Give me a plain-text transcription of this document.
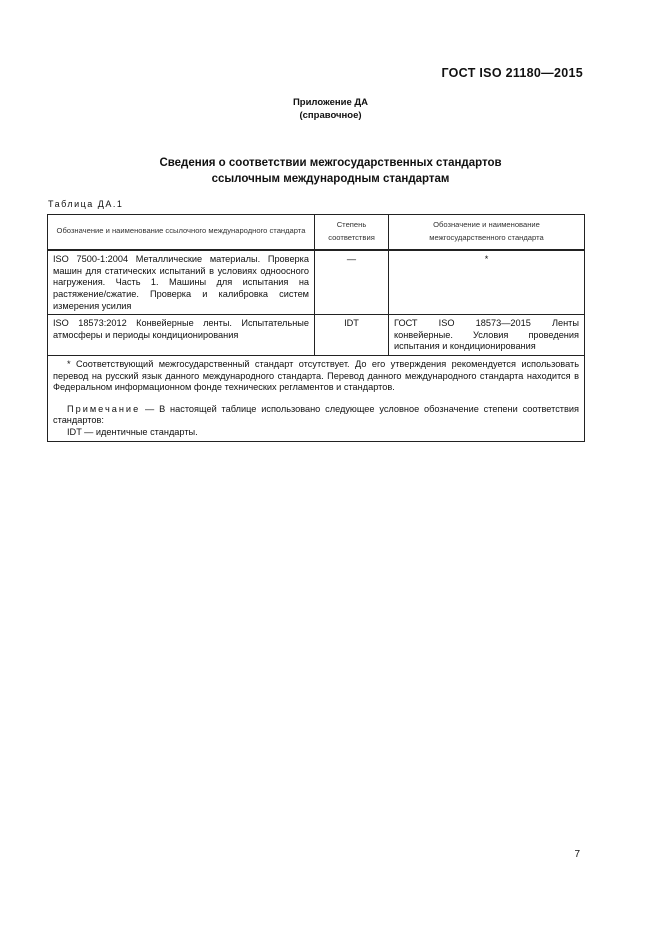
ГОСТ ISO 21180—2015
Приложение ДА
(справочное)
Сведения о соответствии межгосударственных стандартов
ссылочным международным стандартам
Таблица ДА.1
Обозначение и наименование ссылочного международного стандарта	Степень соответствия	Обозначение и наименование межгосударственного стандарта
ISO 7500-1:2004 Металлические материалы. Проверка машин для статических испытаний в условиях одноосного нагружения. Часть 1. Машины для испытания на растяжение/сжатие. Проверка и калибровка систем измерения усилия	—	*
ISO 18573:2012 Конвейерные ленты. Испытательные атмосферы и периоды кондиционирования	IDT	ГОСТ ISO 18573—2015 Ленты конвейерные. Условия проведения испытания и кондиционирования

* Соответствующий межгосударственный стандарт отсутствует. До его утверждения рекомендуется использовать перевод на русский язык данного международного стандарта. Перевод данного международного стандарта находится в Федеральном информационном фонде технических регламентов и стандартов.

Примечание — В настоящей таблице использовано следующее условное обозначение степени соответствия стандартов:

IDT — идентичные стандарты.		

7
